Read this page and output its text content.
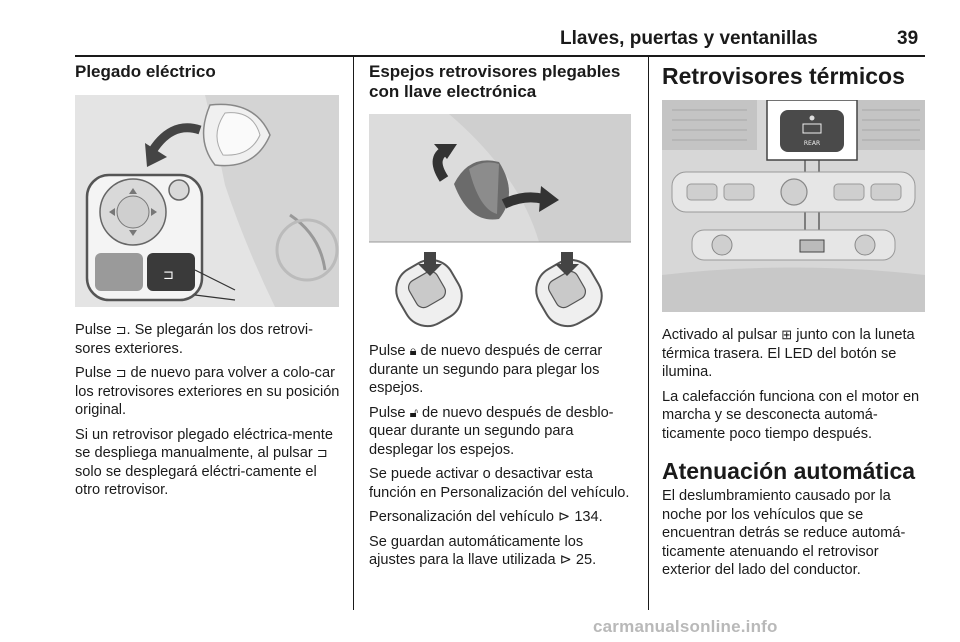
Llaves, puertas y ventanillas	39
Plegado eléctrico
⊐

Pulse ⊐. Se plegarán los dos retrovi-sores exteriores.

Pulse ⊐ de nuevo para volver a colo-car los retrovisores exteriores en su posición original.

Si un retrovisor plegado eléctrica-mente se despliega manualmente, al pulsar ⊐ solo se desplegará eléctri-camente el otro retrovisor.

Espejos retrovisores plegables con llave electrónica

Pulse 🔒︎ de nuevo después de cerrar durante un segundo para plegar los espejos.

Pulse 🔓︎ de nuevo después de desblo-quear durante un segundo para desplegar los espejos.

Se puede activar o desactivar esta función en Personalización del vehículo.

Personalización del vehículo ⊳ 134.

Se guardan automáticamente los ajustes para la llave utilizada ⊳ 25.

Retrovisores térmicos
REAR

Activado al pulsar ⊞ junto con la luneta térmica trasera. El LED del botón se ilumina.

La calefacción funciona con el motor en marcha y se desconecta automá-ticamente poco tiempo después.

Atenuación automática

El deslumbramiento causado por la noche por los vehículos que se encuentran detrás se reduce automá-ticamente atenuando el retrovisor exterior del lado del conductor.

carmanualsonline.info
